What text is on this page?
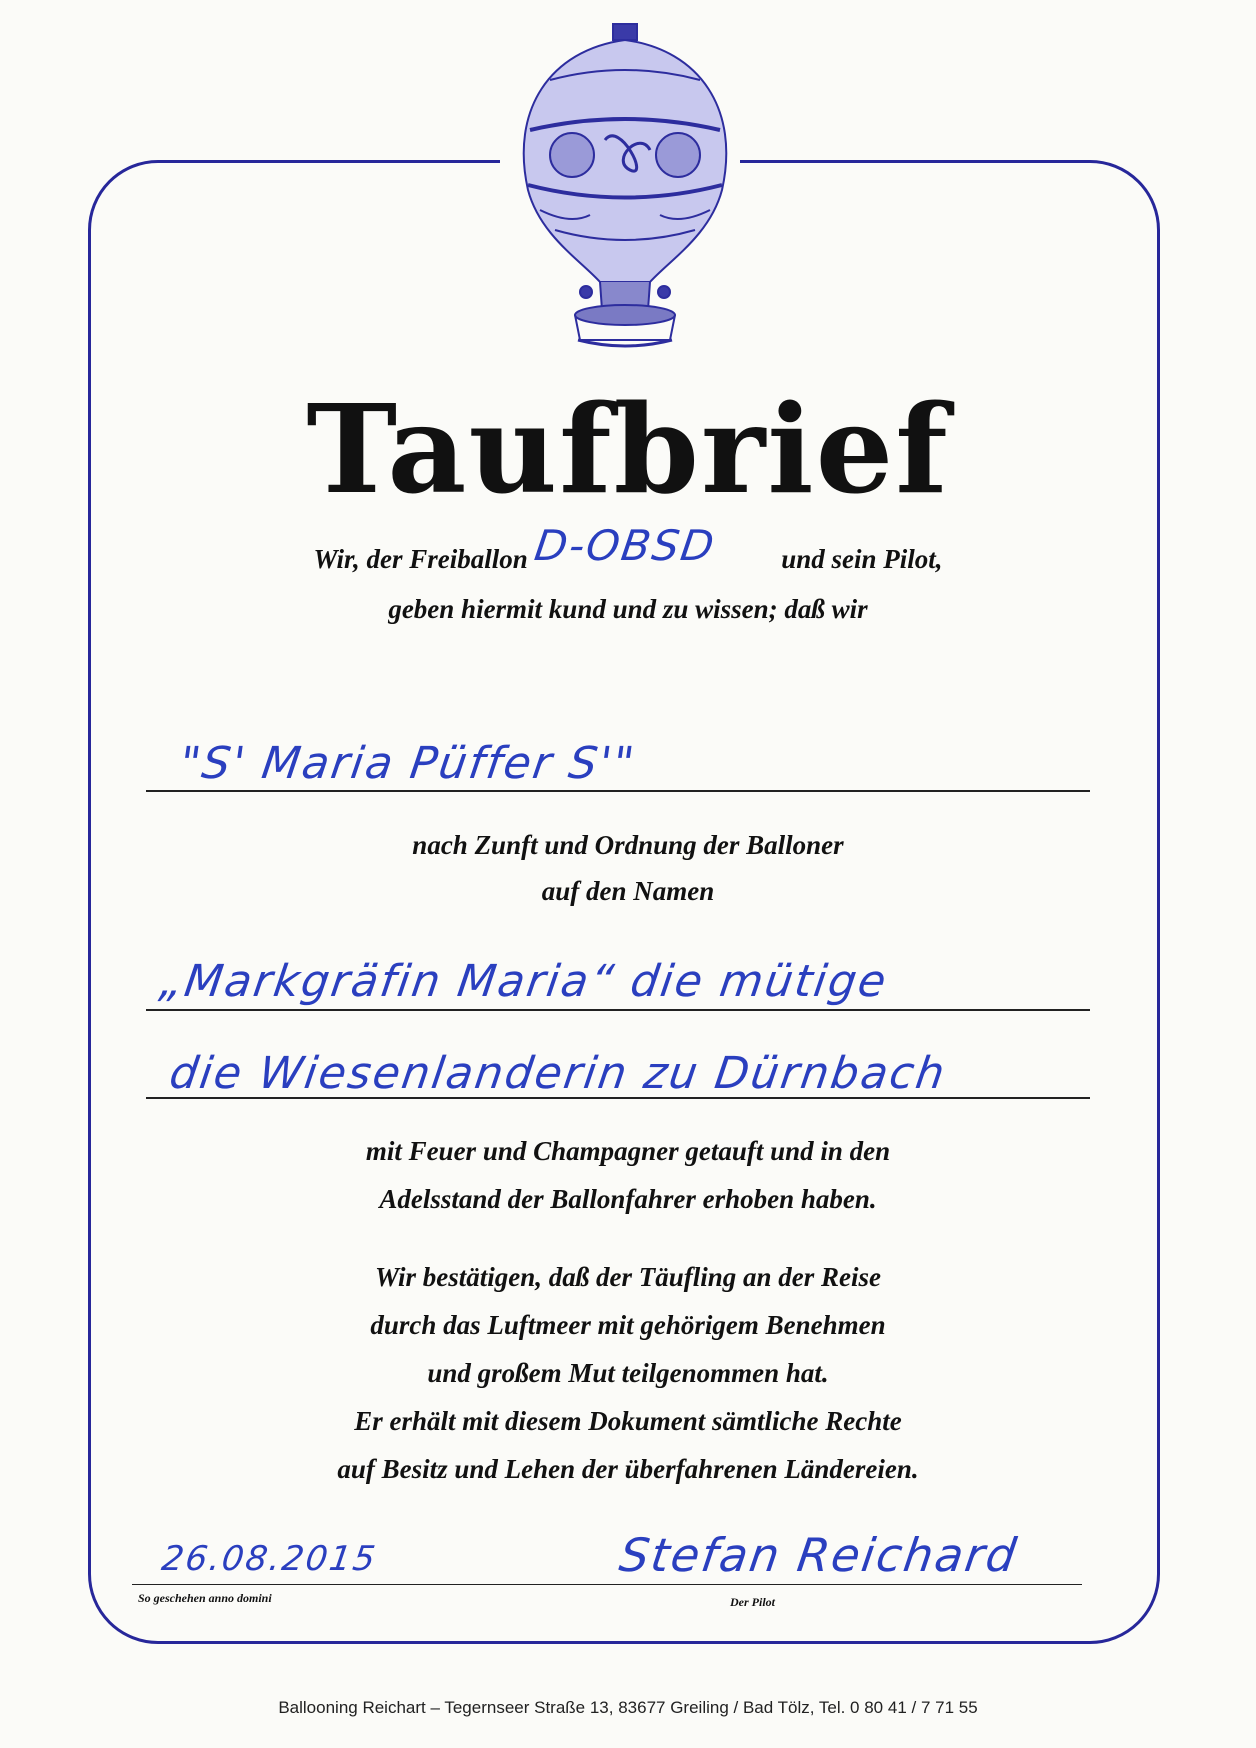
Taufbrief
Wir, der Freiballon	und sein Pilot,
D-OBSD
geben hiermit kund und zu wissen; daß wir
"S' Maria Püffer S'"
nach Zunft und Ordnung der Balloner
auf den Namen
„Markgräfin Maria“ die mütige
die Wiesenlanderin zu Dürnbach
mit Feuer und Champagner getauft und in den
Adelsstand der Ballonfahrer erhoben haben.
Wir bestätigen, daß der Täufling an der Reise
durch das Luftmeer mit gehörigem Benehmen
und großem Mut teilgenommen hat.
Er erhält mit diesem Dokument sämtliche Rechte
auf Besitz und Lehen der überfahrenen Ländereien.
26.08.2015
So geschehen anno domini
Stefan Reichard
Der Pilot
Ballooning Reichart – Tegernseer Straße 13, 83677 Greiling / Bad Tölz, Tel. 0 80 41 / 7 71 55
